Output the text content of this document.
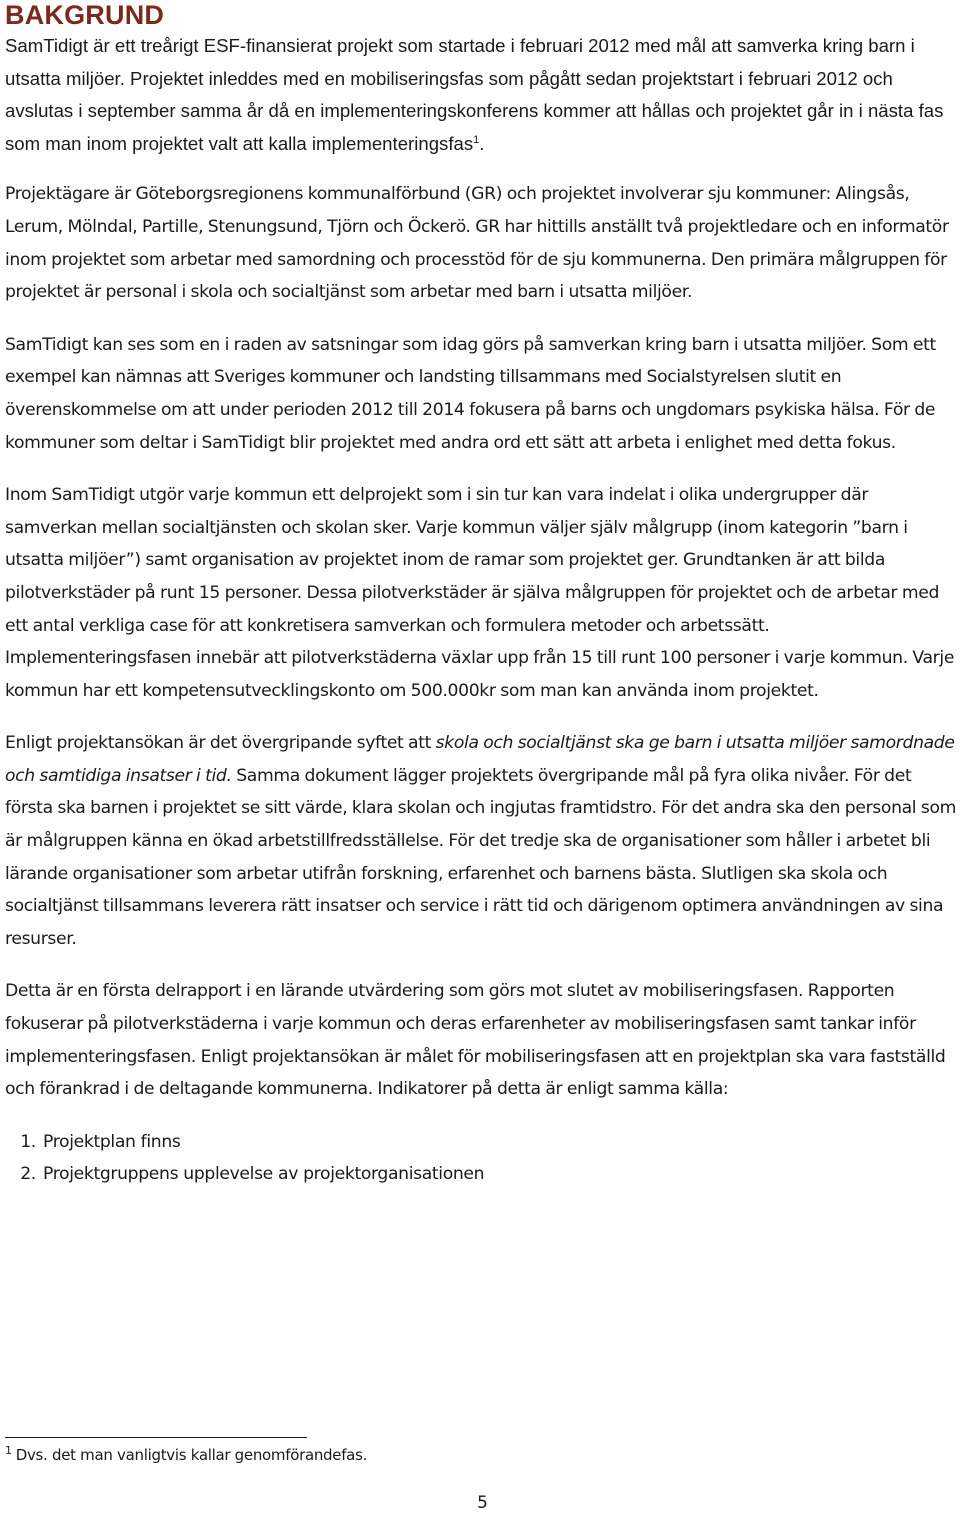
BAKGRUND

SamTidigt är ett treårigt ESF-finansierat projekt som startade i februari 2012 med mål att samverka kring barn i utsatta miljöer. Projektet inleddes med en mobiliseringsfas som pågått sedan projektstart i februari 2012 och avslutas i september samma år då en implementeringskonferens kommer att hållas och projektet går in i nästa fas som man inom projektet valt att kalla implementeringsfas$^1$.

Projektägare är Göteborgsregionens kommunalförbund (GR) och projektet involverar sju kommuner: Alingsås, Lerum, Mölndal, Partille, Stenungsund, Tjörn och Öckerö. GR har hittills anställt två projektledare och en informatör inom projektet som arbetar med samordning och processtöd för de sju kommunerna. Den primära målgruppen för projektet är personal i skola och socialtjänst som arbetar med barn i utsatta miljöer.

SamTidigt kan ses som en i raden av satsningar som idag görs på samverkan kring barn i utsatta miljöer. Som ett exempel kan nämnas att Sveriges kommuner och landsting tillsammans med Socialstyrelsen slutit en överenskommelse om att under perioden 2012 till 2014 fokusera på barns och ungdomars psykiska hälsa. För de kommuner som deltar i SamTidigt blir projektet med andra ord ett sätt att arbeta i enlighet med detta fokus.

Inom SamTidigt utgör varje kommun ett delprojekt som i sin tur kan vara indelat i olika undergrupper där samverkan mellan socialtjänsten och skolan sker. Varje kommun väljer själv målgrupp (inom kategorin ”barn i utsatta miljöer”) samt organisation av projektet inom de ramar som projektet ger. Grundtanken är att bilda pilotverkstäder på runt 15 personer. Dessa pilotverkstäder är själva målgruppen för projektet och de arbetar med ett antal verkliga case för att konkretisera samverkan och formulera metoder och arbetssätt. Implementeringsfasen innebär att pilotverkstäderna växlar upp från 15 till runt 100 personer i varje kommun. Varje kommun har ett kompetensutvecklingskonto om 500.000kr som man kan använda inom projektet.

Enligt projektansökan är det övergripande syftet att skola och socialtjänst ska ge barn i utsatta miljöer samordnade och samtidiga insatser i tid. Samma dokument lägger projektets övergripande mål på fyra olika nivåer. För det första ska barnen i projektet se sitt värde, klara skolan och ingjutas framtidstro. För det andra ska den personal som är målgruppen känna en ökad arbetstillfredsställelse. För det tredje ska de organisationer som håller i arbetet bli lärande organisationer som arbetar utifrån forskning, erfarenhet och barnens bästa. Slutligen ska skola och socialtjänst tillsammans leverera rätt insatser och service i rätt tid och därigenom optimera användningen av sina resurser.

Detta är en första delrapport i en lärande utvärdering som görs mot slutet av mobiliseringsfasen. Rapporten fokuserar på pilotverkstäderna i varje kommun och deras erfarenheter av mobiliseringsfasen samt tankar inför implementeringsfasen. Enligt projektansökan är målet för mobiliseringsfasen att en projektplan ska vara fastställd och förankrad i de deltagande kommunerna. Indikatorer på detta är enligt samma källa:

1. Projektplan finns
2. Projektgruppens upplevelse av projektorganisationen
$^1$ Dvs. det man vanligtvis kallar genomförandefas.
5
